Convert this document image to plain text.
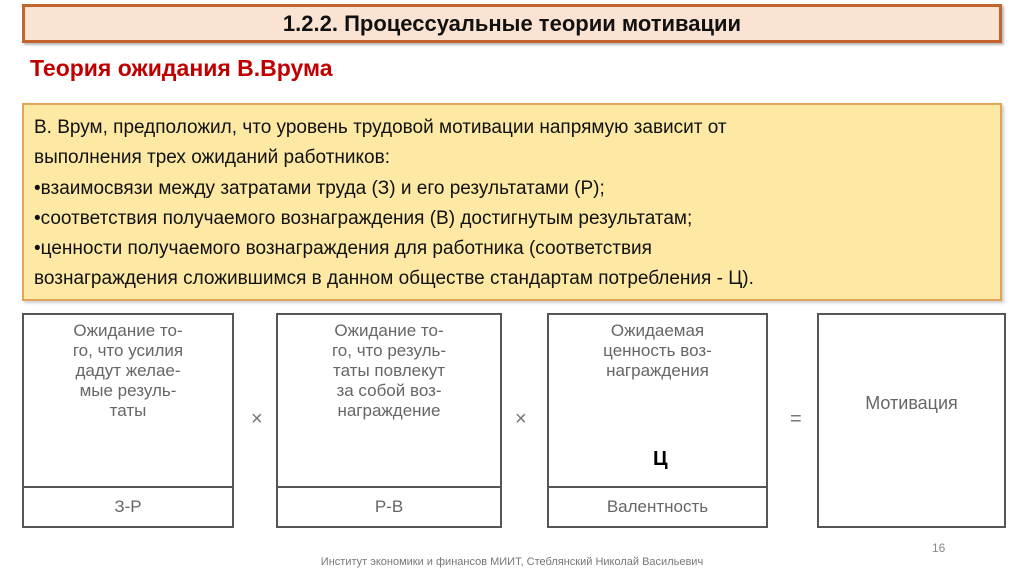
1.2.2. Процессуальные теории мотивации
Теория ожидания В.Врума
В. Врум, предположил, что уровень трудовой мотивации напрямую зависит от
выполнения трех ожиданий работников:
•взаимосвязи между затратами труда (З) и его результатами (Р);
•соответствия получаемого вознаграждения (В) достигнутым результатам;
•ценности получаемого вознаграждения для работника (соответствия
вознаграждения сложившимся в данном обществе стандартам потребления - Ц).
Ожидание то-
го, что усилия
дадут желае-
мые резуль-
таты
З-Р
×
Ожидание то-
го, что резуль-
таты повлекут
за собой воз-
награждение
Р-В
×
Ожидаемая
ценность воз-
награждения
Ц
Валентность
=
Мотивация
16
Институт экономики и финансов МИИТ, Стеблянский Николай Васильевич
